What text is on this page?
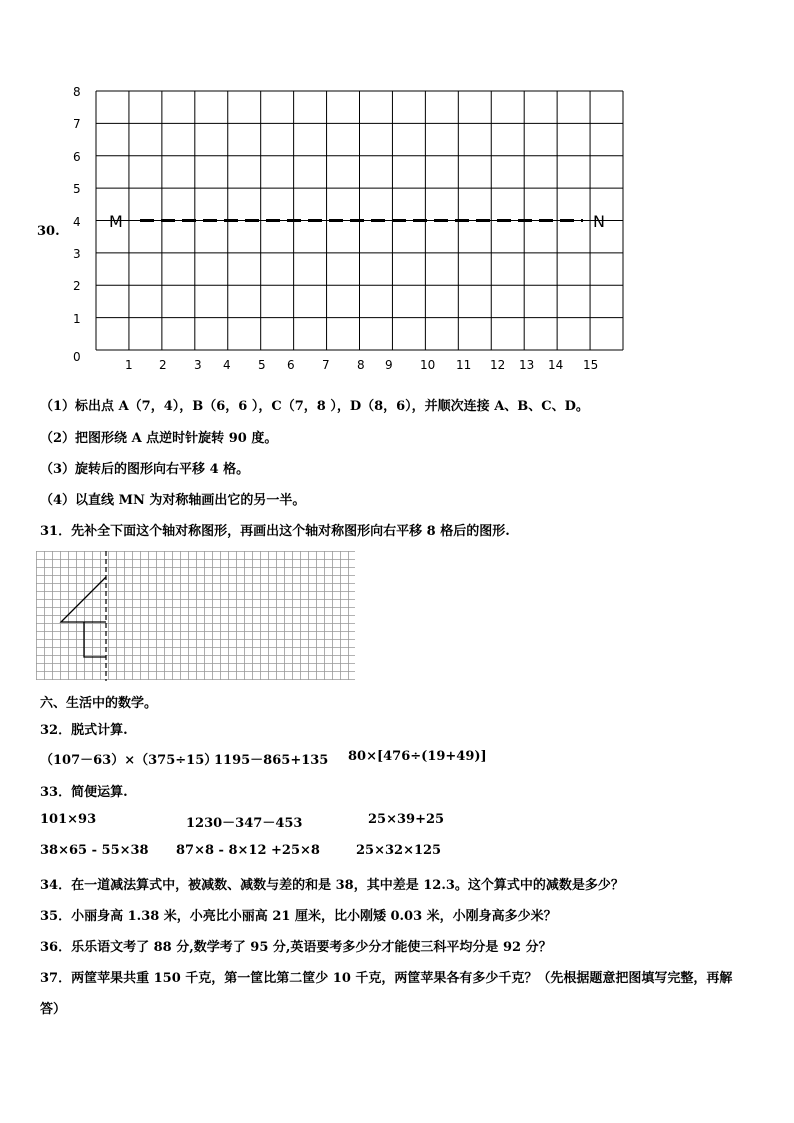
30.
8
7
6
5
4
3
2
1
0
1 2 3 4 5 6 7 8 9 10 11 12 13 14 15
M	N
（1）标出点 A（7，4），B（6，6 ），C（7，8 ），D（8，6），并顺次连接 A、B、C、D。
（2）把图形绕 A 点逆时针旋转 90 度。
（3）旋转后的图形向右平移 4 格。
（4）以直线 MN 为对称轴画出它的另一半。
31．先补全下面这个轴对称图形，再画出这个轴对称图形向右平移 8 格后的图形.
六、生活中的数学。
32．脱式计算.
（107－63）×（375÷15）
1195－865+135 80×[476÷(19+49)]
33．简便运算.
101×93	1230－347－453	25×39+25
38×65 - 55×38 87×8 - 8×12 +25×8	25×32×125
34．在一道减法算式中，被减数、减数与差的和是 38，其中差是 12.3。这个算式中的减数是多少？
35．小丽身高 1.38 米，小亮比小丽高 21 厘米，比小刚矮 0.03 米，小刚身高多少米？
36．乐乐语文考了 88 分,数学考了 95 分,英语要考多少分才能使三科平均分是 92 分？
37．两筐苹果共重 150 千克，第一筐比第二筐少 10 千克，两筐苹果各有多少千克？（先根据题意把图填写完整，再解
答）
